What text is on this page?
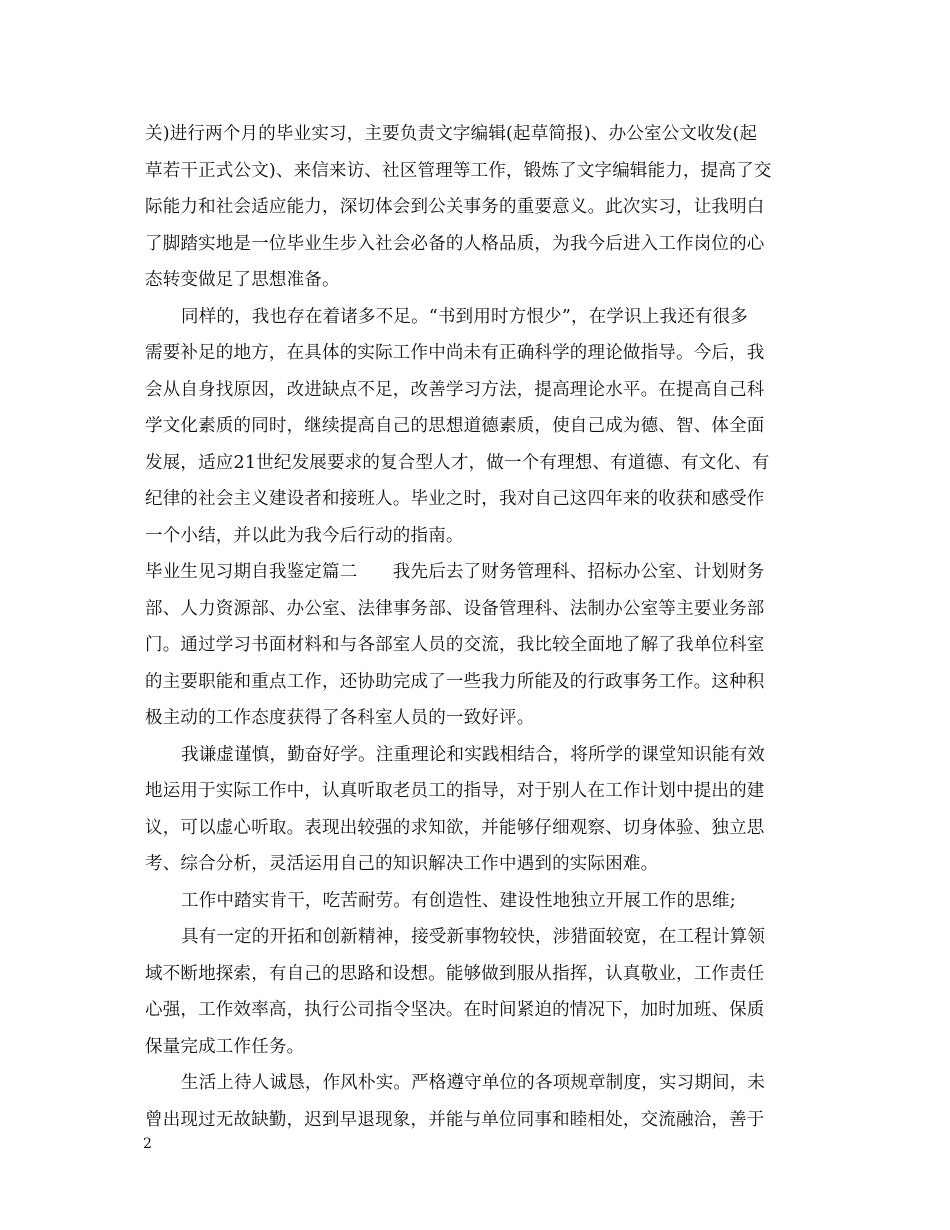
关)进行两个月的毕业实习，主要负责文字编辑(起草简报)、办公室公文收发(起
草若干正式公文)、来信来访、社区管理等工作，锻炼了文字编辑能力，提高了交
际能力和社会适应能力，深切体会到公关事务的重要意义。此次实习，让我明白
了脚踏实地是一位毕业生步入社会必备的人格品质，为我今后进入工作岗位的心
态转变做足了思想准备。
同样的，我也存在着诸多不足。“书到用时方恨少”，在学识上我还有很多
需要补足的地方，在具体的实际工作中尚未有正确科学的理论做指导。今后，我
会从自身找原因，改进缺点不足，改善学习方法，提高理论水平。在提高自己科
学文化素质的同时，继续提高自己的思想道德素质，使自己成为德、智、体全面
发展，适应21世纪发展要求的复合型人才，做一个有理想、有道德、有文化、有
纪律的社会主义建设者和接班人。毕业之时，我对自己这四年来的收获和感受作
一个小结，并以此为我今后行动的指南。
毕业生见习期自我鉴定篇二　　我先后去了财务管理科、招标办公室、计划财务
部、人力资源部、办公室、法律事务部、设备管理科、法制办公室等主要业务部
门。通过学习书面材料和与各部室人员的交流，我比较全面地了解了我单位科室
的主要职能和重点工作，还协助完成了一些我力所能及的行政事务工作。这种积
极主动的工作态度获得了各科室人员的一致好评。
我谦虚谨慎，勤奋好学。注重理论和实践相结合，将所学的课堂知识能有效
地运用于实际工作中，认真听取老员工的指导，对于别人在工作计划中提出的建
议，可以虚心听取。表现出较强的求知欲，并能够仔细观察、切身体验、独立思
考、综合分析，灵活运用自己的知识解决工作中遇到的实际困难。
工作中踏实肯干，吃苦耐劳。有创造性、建设性地独立开展工作的思维;
具有一定的开拓和创新精神，接受新事物较快，涉猎面较宽，在工程计算领
域不断地探索，有自己的思路和设想。能够做到服从指挥，认真敬业，工作责任
心强，工作效率高，执行公司指令坚决。在时间紧迫的情况下，加时加班、保质
保量完成工作任务。
生活上待人诚恳，作风朴实。严格遵守单位的各项规章制度，实习期间，未
曾出现过无故缺勤，迟到早退现象，并能与单位同事和睦相处，交流融洽，善于
2
